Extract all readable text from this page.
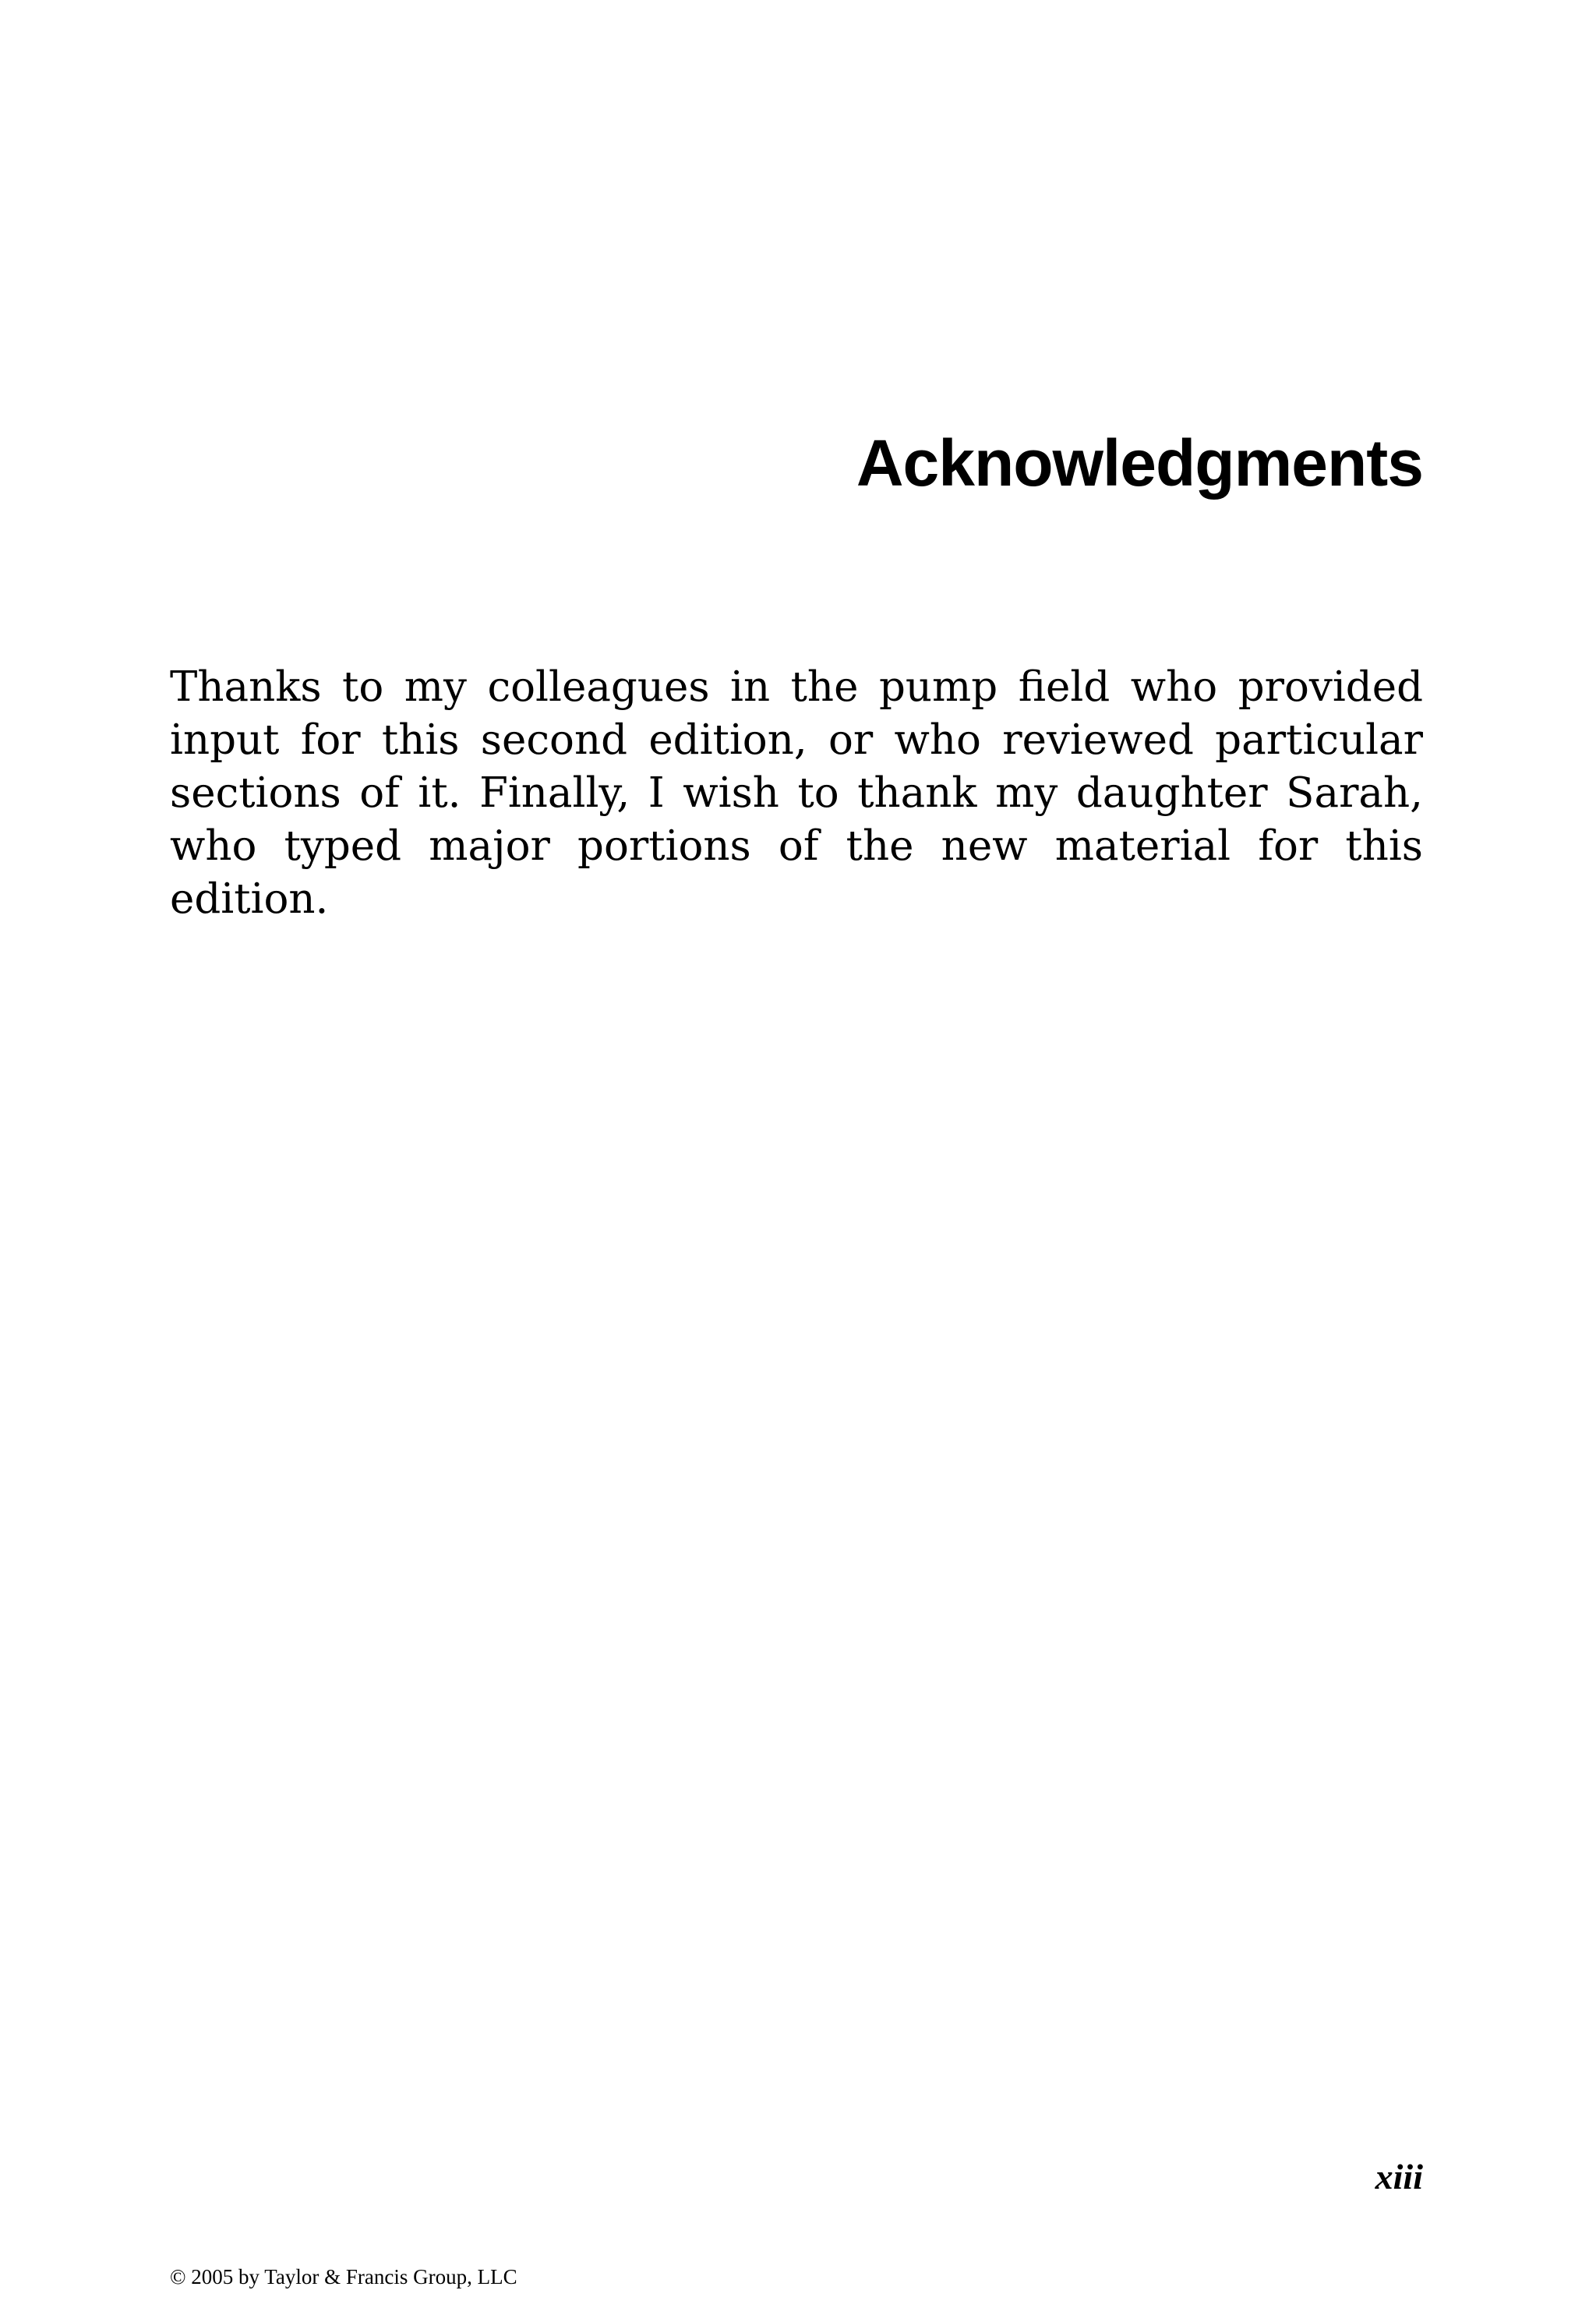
Acknowledgments

Thanks to my colleagues in the pump field who provided input for this second edition, or who reviewed particular sections of it. Finally, I wish to thank my daughter Sarah, who typed major portions of the new material for this edition.

xiii
© 2005 by Taylor & Francis Group, LLC
